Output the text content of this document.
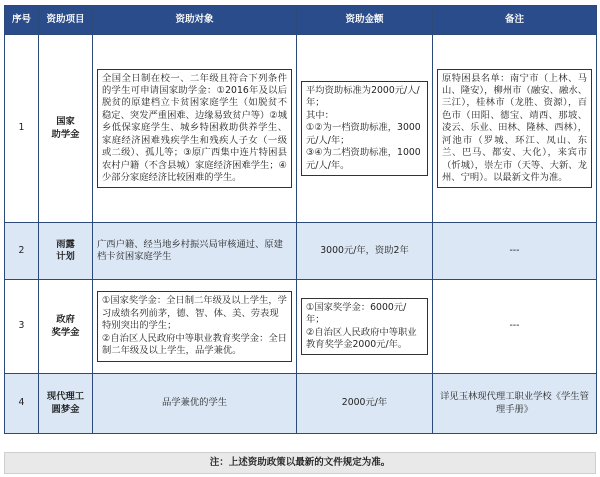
序号	资助项目	资助对象	资助金额	备注
1	国家
助学金	全国全日制在校一、二年级且符合下列条件的学生可申请国家助学金：①2016年及以后脱贫的原建档立卡贫困家庭学生（如脱贫不稳定、突发严重困难、边缘易致贫户等）②城乡低保家庭学生、城乡特困救助供养学生、家庭经济困难残疾学生和残疾人子女（一级或二级）、孤儿等；③原广西集中连片特困县农村户籍（不含县城）家庭经济困难学生；④少部分家庭经济比较困难的学生。	平均资助标准为2000元/人/年；
其中：
①②为一档资助标准，3000元/人/年；
③④为二档资助标准，1000元/人/年。	原特困县名单：南宁市（上林、马山、隆安），柳州市（融安、融水、三江），桂林市（龙胜、资源），百色市（田阳、德宝、靖西、那坡、凌云、乐业、田林、隆林、西林），河池市（罗城、环江、凤山、东兰、巴马、都安、大化），来宾市（忻城），崇左市（天等、大新、龙州、宁明）。以最新文件为准。

2	雨露
计划	广西户籍、经当地乡村振兴局审核通过、原建档卡贫困家庭学生	3000元/年，资助2年	---
3	政府
奖学金	①国家奖学金：全日制二年级及以上学生，学习成绩名列前茅，德、智、体、美、劳表现特别突出的学生；
②自治区人民政府中等职业教育奖学金：全日制二年级及以上学生，品学兼优。	①国家奖学金：6000元/年；
②自治区人民政府中等职业教育奖学金2000元/年。	---
4	现代理工
圆梦金	品学兼优的学生	2000元/年	详见玉林现代理工职业学校《学生管理手册》
注：上述资助政策以最新的文件规定为准。
